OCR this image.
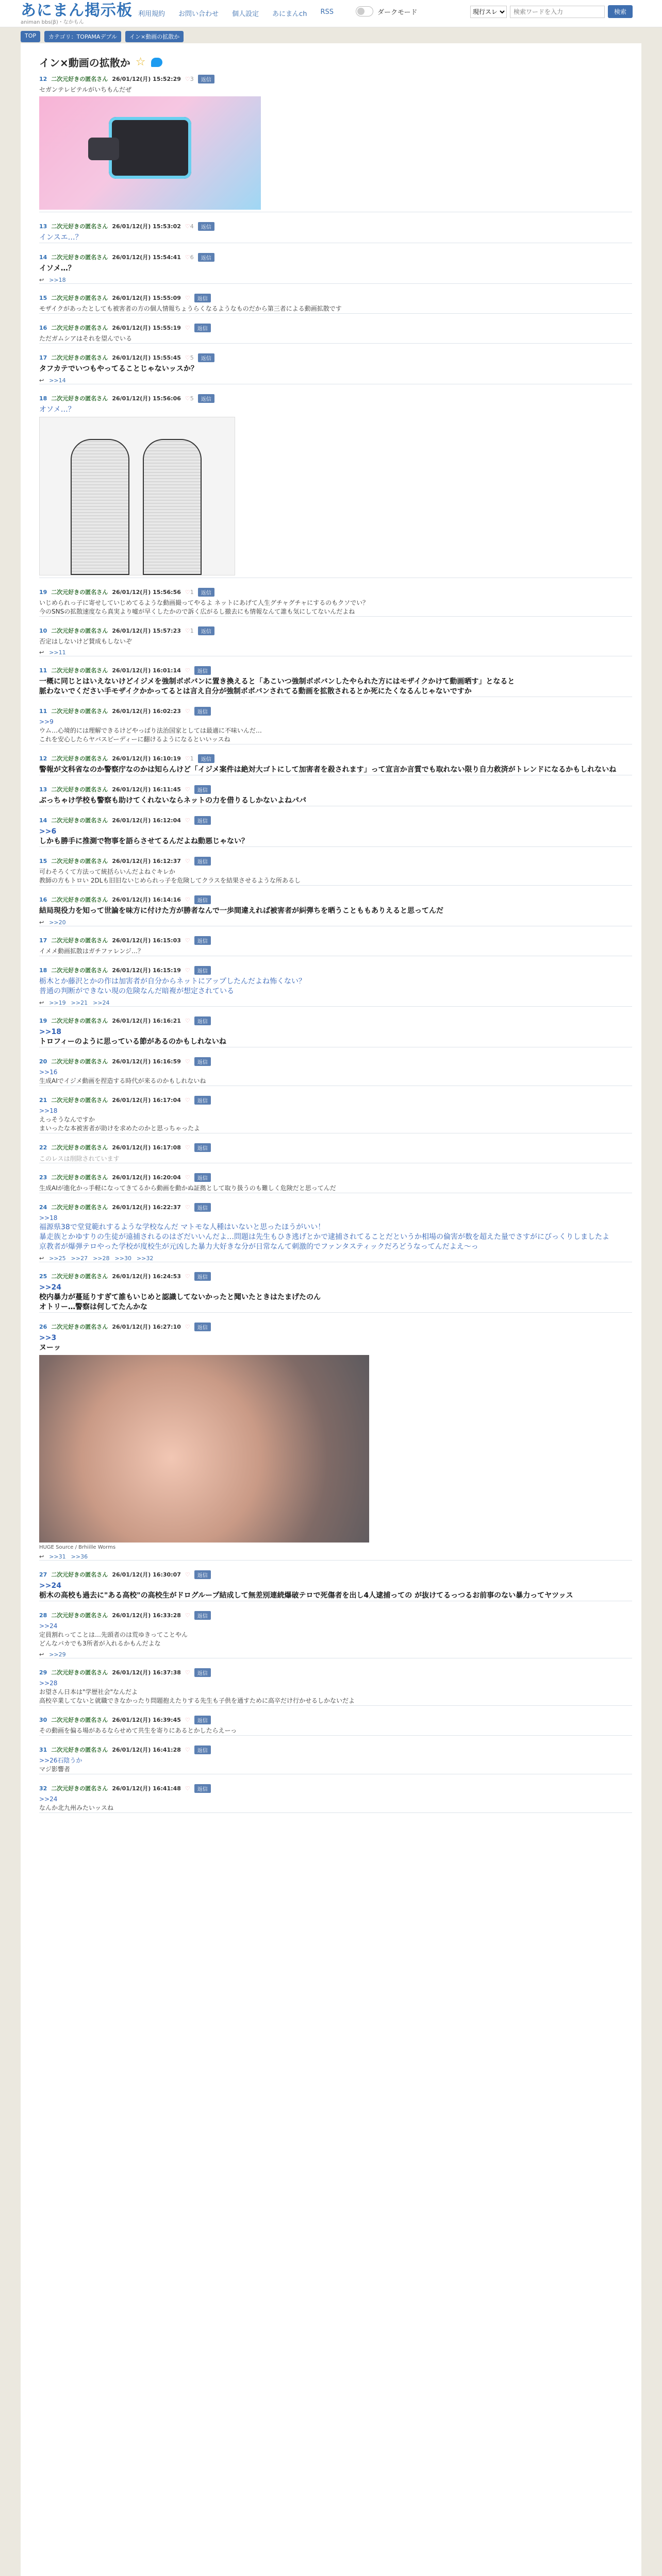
あにまん掲示板
animan bbs(β)・なかもん
利用規約 お問い合わせ 個人設定 あにまんch RSS	ダークモード
現行スレ
検索ワードを入力	検索
TOP	カテゴリ：TOPAMAデブル	イン×動画の拡散か
イン×動画の拡散か ☆
12 二次元好きの匿名さん 26/01/12(月) 15:52:29 ♡3	返信
セガンテレビテルがいちもんだぜ
13 二次元好きの匿名さん 26/01/12(月) 15:53:02 ♡4	返信
インスエ…？
14 二次元好きの匿名さん 26/01/12(月) 15:54:41 ♡6	返信
イソメ…？
↩ >>18
15 二次元好きの匿名さん 26/01/12(月) 15:55:09 ♡	返信
モザイクがあったとしても被害者の方の個人情報ちょうらくなるようなものだから第三者による動画拡散です
16 二次元好きの匿名さん 26/01/12(月) 15:55:19 ♡	返信
ただガムシアはそれを望んでいる
17 二次元好きの匿名さん 26/01/12(月) 15:55:45 ♡5	返信
タフカテでいつもやってることじゃないッスか？
↩ >>14
18 二次元好きの匿名さん 26/01/12(月) 15:56:06 ♡5	返信
オソメ…？
19 二次元好きの匿名さん 26/01/12(月) 15:56:56 ♡1	返信
いじめられっ子に寄せしていじめてるような動画撮ってやるよ ネットにあげて人生グチャグチャにするのもクソでい？
今のSNSの拡散速度なら真実より嘘が早くしたかので訴く広がるし撤去にも情報なんて誰も気にしてないんだよね
10 二次元好きの匿名さん 26/01/12(月) 15:57:23 ♡1	返信
否定はしないけど賛成もしないぞ
↩ >>11
11 二次元好きの匿名さん 26/01/12(月) 16:01:14 ♡	返信
一概に同じとはいえないけどイジメを強制ボボバンに置き換えると「あこいつ強制ボボバンしたやられた方にはモザイクかけて動画晒す」となると
脈わないでください手モザイクかかってるとは言え自分が強制ボボバンされてる動画を拡散されるとか死にたくなるんじゃないですか
11 二次元好きの匿名さん 26/01/12(月) 16:02:23 ♡	返信
>>9
ウム…心境的には理解できるけどやっぱり法治国家としては最適に不味いんだ…
これを安心したらヤバスピーディーに翻けるようになるといいッスね
12 二次元好きの匿名さん 26/01/12(月) 16:10:19 ♡1	返信
警報が文科省なのか警察庁なのかは知らんけど「イジメ案件は絶対大ゴトにして加害者を殺されます」って宣言か言質でも取れない限り自力救済がトレンドになるかもしれないね
13 二次元好きの匿名さん 26/01/12(月) 16:11:45 ♡	返信
ぶっちゃけ学校も警察も助けてくれないならネットの力を借りるしかないよねパパ
14 二次元好きの匿名さん 26/01/12(月) 16:12:04 ♡	返信
>>6
しかも勝手に推測で物事を語らさせてるんだよね動悪じゃない？
15 二次元好きの匿名さん 26/01/12(月) 16:12:37 ♡	返信
可わそろくて方法って統括らいんだよねぐキレか
教師の方もトロい 2DLも旧旧ないじめられっ子を危険してクラスを結果させるような所あるし
16 二次元好きの匿名さん 26/01/12(月) 16:14:16 ♡	返信
結局現役力を知って世論を味方に付けた方が勝者なんで一歩間違えれば被害者が糾弾ちを晒うことももありえると思ってんだ
↩ >>20
17 二次元好きの匿名さん 26/01/12(月) 16:15:03 ♡	返信
イメメ動画拡散はガチファレンジ…？
18 二次元好きの匿名さん 26/01/12(月) 16:15:19 ♡	返信
栃木とか藤沢とかの作は加害者が自分からネットにアップしたんだよね怖くない？
普通の判断ができない現の危険なんだ暗複が想定されている
↩ >>19 >>21 >>24
19 二次元好きの匿名さん 26/01/12(月) 16:16:21 ♡	返信
>>18
トロフィーのように思っている節があるのかもしれないね
20 二次元好きの匿名さん 26/01/12(月) 16:16:59 ♡	返信
>>16
生成AIでイジメ動画を捏造する時代が来るのかもしれないね
21 二次元好きの匿名さん 26/01/12(月) 16:17:04 ♡	返信
>>18
えっそうなんですか
まいったな本被害者が助けを求めたのかと思っちゃったよ
22 二次元好きの匿名さん 26/01/12(月) 16:17:08 ♡	返信
このレスは削除されています
23 二次元好きの匿名さん 26/01/12(月) 16:20:04 ♡	返信
生成AIが進化かっ手軽になってきてるから動画を動かぬ証拠として取り扱うのも難しく危険だと思ってんだ
24 二次元好きの匿名さん 26/01/12(月) 16:22:37 ♡	返信
>>18
福源県38で堂覚範れするような学校なんだ マトモな人種はいないと思ったほうがいい！
暴走族とかゆすりの生徒が遠捕されるのはざだいいんだよ…問題は先生もひき逃げとかで逮捕されてることだというか相場の倫害が数を超えた量でさすがにびっくりしましたよ
京教者が爆弾テロやった学校が度校生が元凶した暴力大好きな分が日常なんて刺激的でファンタスティックだろどうなってんだよえ〜っ
↩ >>25 >>27 >>28 >>30 >>32
25 二次元好きの匿名さん 26/01/12(月) 16:24:53 ♡	返信
>>24
校内暴力が蔓延りすぎて誰もいじめと認識してないかったと聞いたときはたまげたのん
オトリー…警察は何してたんかな
26 二次元好きの匿名さん 26/01/12(月) 16:27:10 ♡	返信
>>3
ヌーッ
HUGE Source / Brhiille Worms
↩ >>31 >>36
27 二次元好きの匿名さん 26/01/12(月) 16:30:07 ♡	返信
>>24
栃木の高校も過去に"ある高校"の高校生がドログループ結成して無差別連続爆破テロで死傷者を出し4人逮捕っての が抜けてるっつるお前事のない暴力ってヤツッス
28 二次元好きの匿名さん 26/01/12(月) 16:33:28 ♡	返信
>>24
定員割れってことは…先頭者のは荒ゆきってことやん
どんなバカでも3所者が入れるかもんだよな
↩ >>29
29 二次元好きの匿名さん 26/01/12(月) 16:37:38 ♡	返信
>>28
お望さん日本は"学歴社会"なんだよ
高校卒業してないと就職できなかったり問題抱えたりする先生も子供を通すために高卒だけ行かせるしかないだよ
30 二次元好きの匿名さん 26/01/12(月) 16:39:45 ♡	返信
その動画を偏る場があるならせめて共生を寄りにあるとかしたらえーっ
31 二次元好きの匿名さん 26/01/12(月) 16:41:28 ♡	返信
>>26石陰うか
マジ影響者
32 二次元好きの匿名さん 26/01/12(月) 16:41:48 ♡	返信
>>24
なんか北九州みたいッスね
